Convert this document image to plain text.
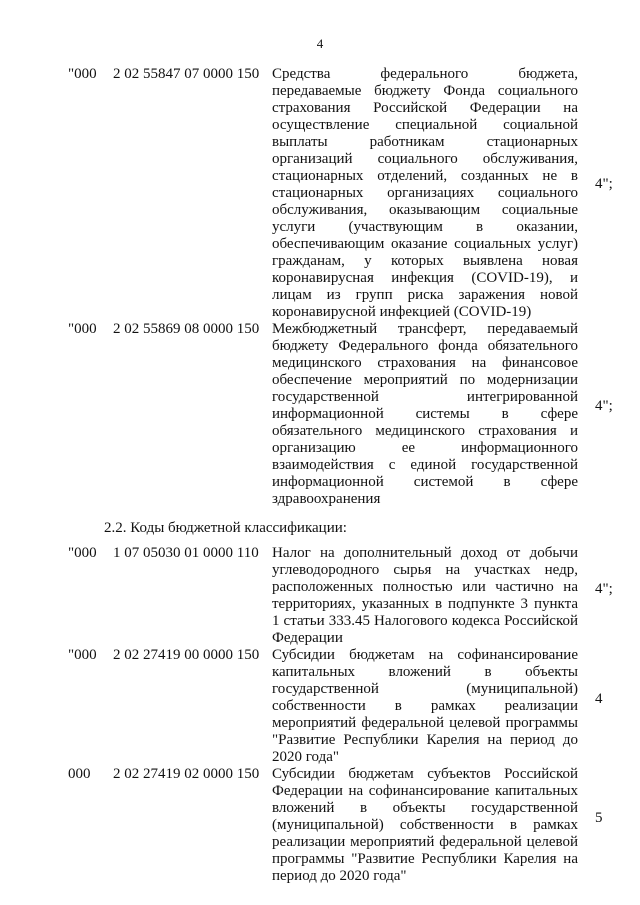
4
"000 2 02 55847 07 0000 150 Средства федерального бюджета, передаваемые бюджету Фонда социального страхования Российской Федерации на осуществление специальной социальной выплаты работникам стационарных организаций социального обслуживания, стационарных отделений, созданных не в стационарных организациях социального обслуживания, оказывающим социальные услуги (участвующим в оказании, обеспечивающим оказание социальных услуг) гражданам, у которых выявлена новая коронавирусная инфекция (COVID-19), и лицам из групп риска заражения новой коронавирусной инфекцией (COVID-19)
4";
"000 2 02 55869 08 0000 150 Межбюджетный трансферт, передаваемый бюджету Федерального фонда обязательного медицинского страхования на финансовое обеспечение мероприятий по модернизации государственной интегрированной информационной системы в сфере обязательного медицинского страхования и организацию ее информационного взаимодействия с единой государственной информационной системой в сфере здравоохранения
4";
2.2. Коды бюджетной классификации:
"000 1 07 05030 01 0000 110 Налог на дополнительный доход от добычи углеводородного сырья на участках недр, расположенных полностью или частично на территориях, указанных в подпункте 3 пункта 1 статьи 333.45 Налогового кодекса Российской Федерации
4";
"000 2 02 27419 00 0000 150 Субсидии бюджетам на софинансирование капитальных вложений в объекты государственной (муниципальной) собственности в рамках реализации мероприятий федеральной целевой программы "Развитие Республики Карелия на период до 2020 года"
4
000 2 02 27419 02 0000 150 Субсидии бюджетам субъектов Российской Федерации на софинансирование капитальных вложений в объекты государственной (муниципальной) собственности в рамках реализации мероприятий федеральной целевой программы "Развитие Республики Карелия на период до 2020 года"
5
